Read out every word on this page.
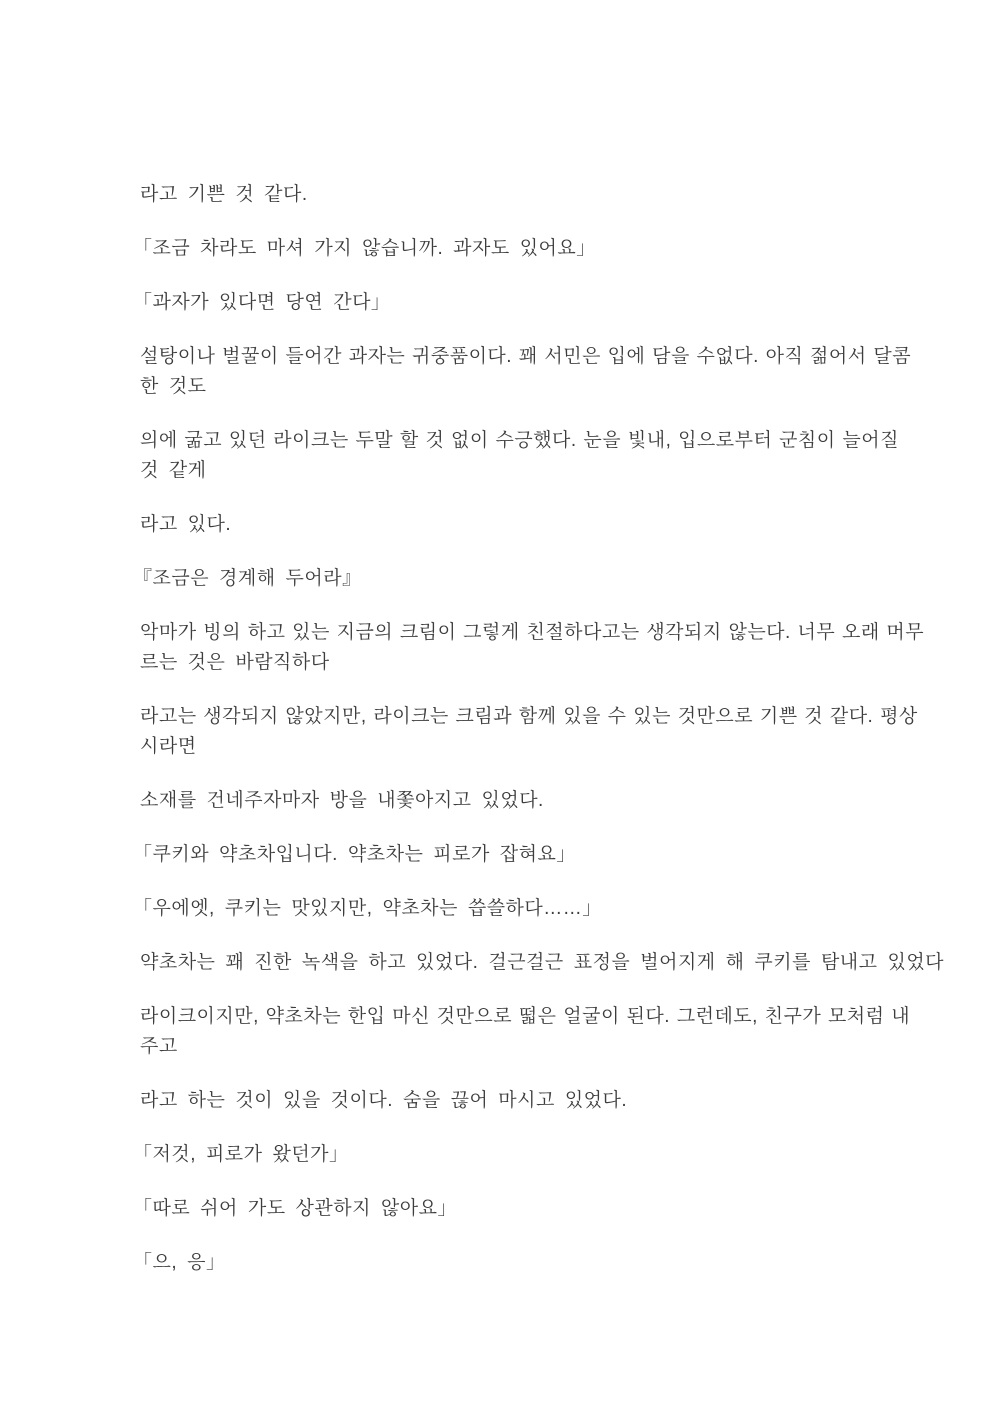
라고 기쁜 것 같다.

「조금 차라도 마셔 가지 않습니까. 과자도 있어요」

「과자가 있다면 당연 간다」

설탕이나 벌꿀이 들어간 과자는 귀중품이다. 꽤 서민은 입에 담을 수없다. 아직 젊어서 달콤
한 것도

의에 굶고 있던 라이크는 두말 할 것 없이 수긍했다. 눈을 빛내, 입으로부터 군침이 늘어질
것 같게

라고 있다.

『조금은 경계해 두어라』

악마가 빙의 하고 있는 지금의 크림이 그렇게 친절하다고는 생각되지 않는다. 너무 오래 머무
르는 것은 바람직하다

라고는 생각되지 않았지만, 라이크는 크림과 함께 있을 수 있는 것만으로 기쁜 것 같다. 평상
시라면

소재를 건네주자마자 방을 내쫓아지고 있었다.

「쿠키와 약초차입니다. 약초차는 피로가 잡혀요」

「우에엣, 쿠키는 맛있지만, 약초차는 씁쓸하다……」

약초차는 꽤 진한 녹색을 하고 있었다. 걸근걸근 표정을 벌어지게 해 쿠키를 탐내고 있었다

라이크이지만, 약초차는 한입 마신 것만으로 떫은 얼굴이 된다. 그런데도, 친구가 모처럼 내
주고

라고 하는 것이 있을 것이다. 숨을 끊어 마시고 있었다.

「저것, 피로가 왔던가」

「따로 쉬어 가도 상관하지 않아요」

「으, 응」
